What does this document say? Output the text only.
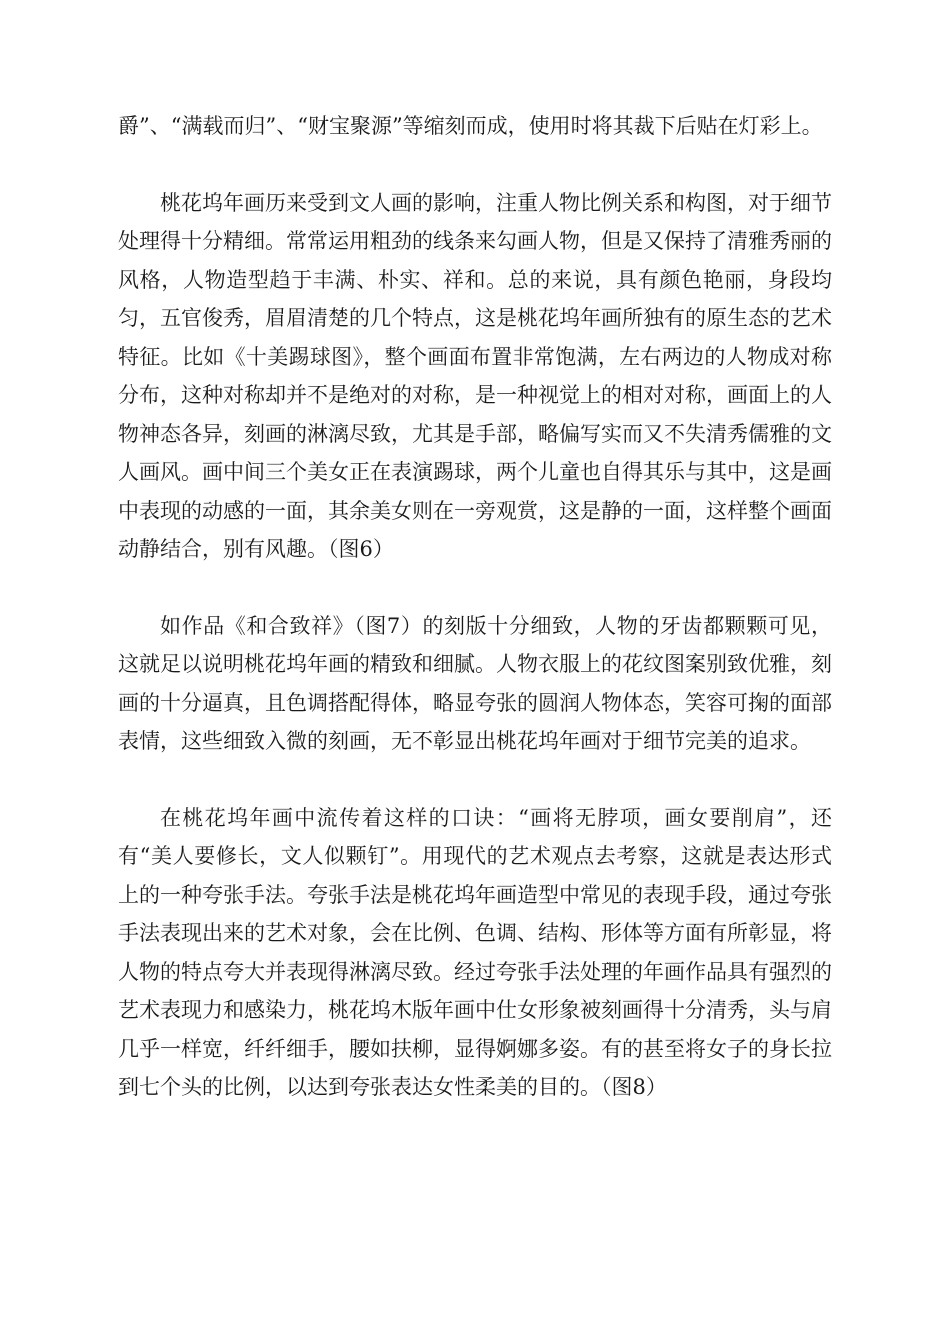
爵”、“满载而归”、“财宝聚源”等缩刻而成，使用时将其裁下后贴在灯彩上。

桃花坞年画历来受到文人画的影响，注重人物比例关系和构图，对于细节处理得十分精细。常常运用粗劲的线条来勾画人物，但是又保持了清雅秀丽的风格，人物造型趋于丰满、朴实、祥和。总的来说，具有颜色艳丽，身段均匀，五官俊秀，眉眉清楚的几个特点，这是桃花坞年画所独有的原生态的艺术特征。比如《十美踢球图》，整个画面布置非常饱满，左右两边的人物成对称分布，这种对称却并不是绝对的对称，是一种视觉上的相对对称，画面上的人物神态各异，刻画的淋漓尽致，尤其是手部，略偏写实而又不失清秀儒雅的文人画风。画中间三个美女正在表演踢球，两个儿童也自得其乐与其中，这是画中表现的动感的一面，其余美女则在一旁观赏，这是静的一面，这样整个画面动静结合，别有风趣。（图6）

如作品《和合致祥》（图7）的刻版十分细致，人物的牙齿都颗颗可见，这就足以说明桃花坞年画的精致和细腻。人物衣服上的花纹图案别致优雅，刻画的十分逼真，且色调搭配得体，略显夸张的圆润人物体态，笑容可掬的面部表情，这些细致入微的刻画，无不彰显出桃花坞年画对于细节完美的追求。

在桃花坞年画中流传着这样的口诀：“画将无脖项，画女要削肩”，还有“美人要修长，文人似颗钉”。用现代的艺术观点去考察，这就是表达形式上的一种夸张手法。夸张手法是桃花坞年画造型中常见的表现手段，通过夸张手法表现出来的艺术对象，会在比例、色调、结构、形体等方面有所彰显，将人物的特点夸大并表现得淋漓尽致。经过夸张手法处理的年画作品具有强烈的艺术表现力和感染力，桃花坞木版年画中仕女形象被刻画得十分清秀，头与肩几乎一样宽，纤纤细手，腰如扶柳，显得婀娜多姿。有的甚至将女子的身长拉到七个头的比例，以达到夸张表达女性柔美的目的。（图8）
